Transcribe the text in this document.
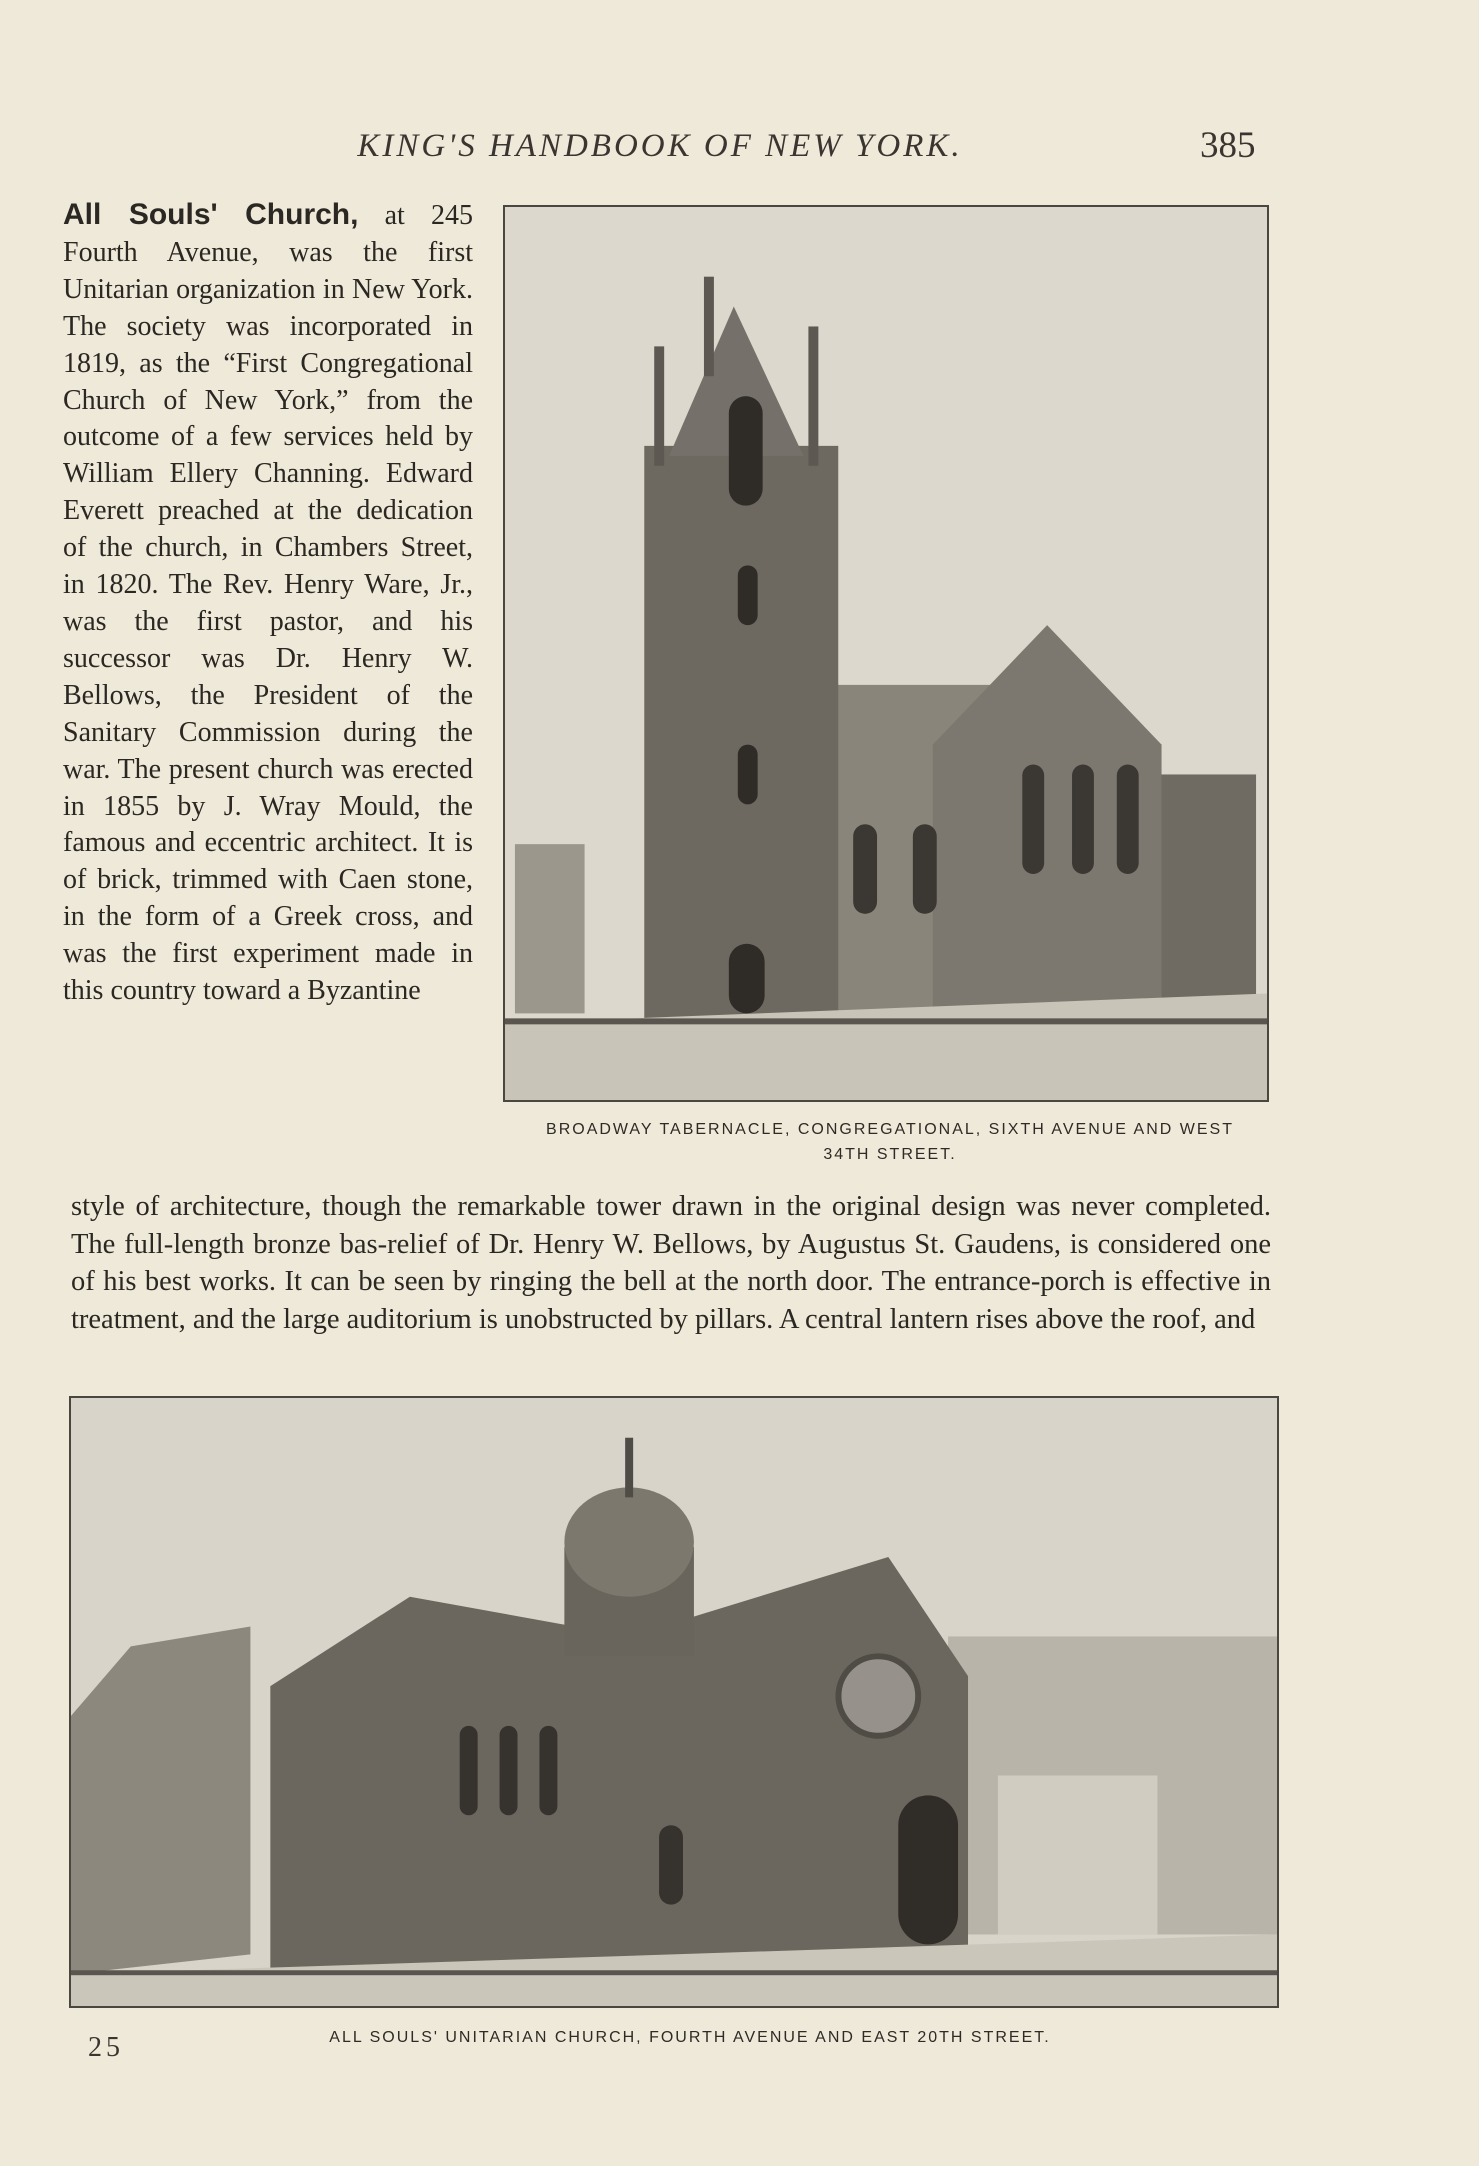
KING'S HANDBOOK OF NEW YORK.	385

All Souls' Church, at 245 Fourth Avenue, was the first Unitarian organization in New York. The society was incorporated in 1819, as the “First Congregational Church of New York,” from the outcome of a few services held by William Ellery Channing. Edward Everett preached at the dedication of the church, in Chambers Street, in 1820. The Rev. Henry Ware, Jr., was the first pastor, and his successor was Dr. Henry W. Bellows, the President of the Sanitary Commission during the war. The present church was erected in 1855 by J. Wray Mould, the famous and eccentric architect. It is of brick, trimmed with Caen stone, in the form of a Greek cross, and was the first experiment made in this country toward a Byzantine

BROADWAY TABERNACLE, CONGREGATIONAL, SIXTH AVENUE AND WEST 34TH STREET.

style of architecture, though the remarkable tower drawn in the original design was never completed. The full-length bronze bas-relief of Dr. Henry W. Bellows, by Augustus St. Gaudens, is considered one of his best works. It can be seen by ringing the bell at the north door. The entrance-porch is effective in treatment, and the large auditorium is unobstructed by pillars. A central lantern rises above the roof, and

ALL SOULS' UNITARIAN CHURCH, FOURTH AVENUE AND EAST 20TH STREET.
25
